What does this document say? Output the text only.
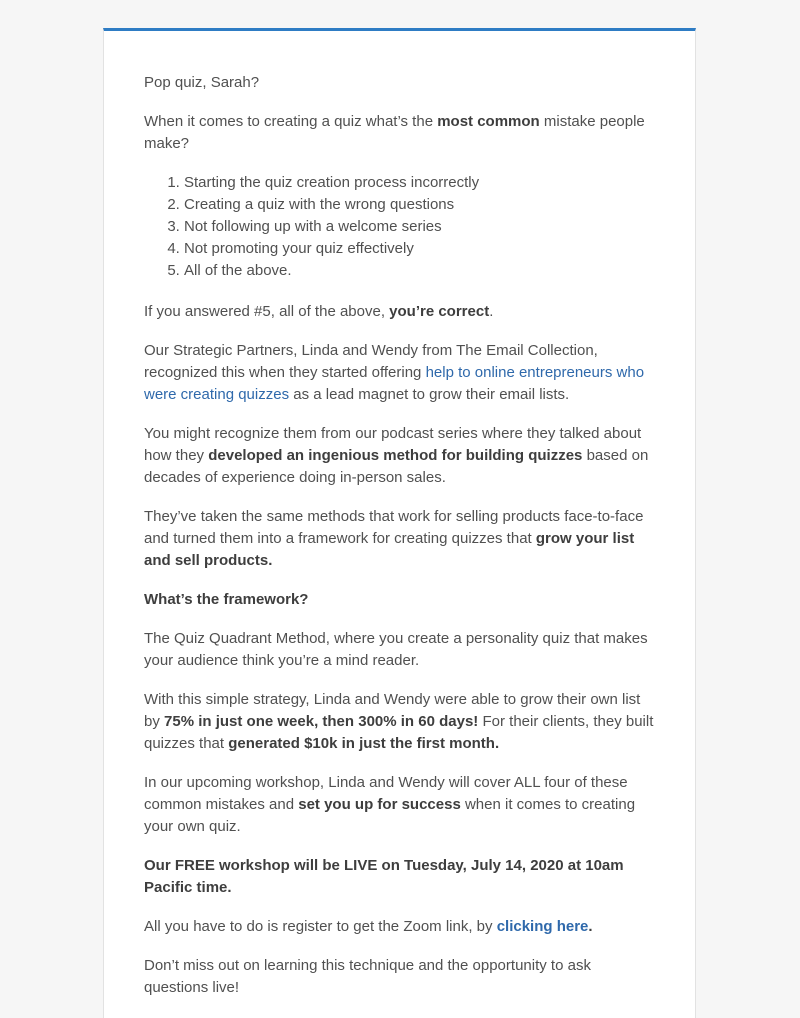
Pop quiz, Sarah?

When it comes to creating a quiz what’s the most common mistake people make?

1. Starting the quiz creation process incorrectly
2. Creating a quiz with the wrong questions
3. Not following up with a welcome series
4. Not promoting your quiz effectively
5. All of the above.

If you answered #5, all of the above, you’re correct.

Our Strategic Partners, Linda and Wendy from The Email Collection, recognized this when they started offering help to online entrepreneurs who were creating quizzes as a lead magnet to grow their email lists.

You might recognize them from our podcast series where they talked about how they developed an ingenious method for building quizzes based on decades of experience doing in-person sales.

They’ve taken the same methods that work for selling products face-to-face and turned them into a framework for creating quizzes that grow your list and sell products.

What’s the framework?

The Quiz Quadrant Method, where you create a personality quiz that makes your audience think you’re a mind reader.

With this simple strategy, Linda and Wendy were able to grow their own list by 75% in just one week, then 300% in 60 days! For their clients, they built quizzes that generated $10k in just the first month.

In our upcoming workshop, Linda and Wendy will cover ALL four of these common mistakes and set you up for success when it comes to creating your own quiz.

Our FREE workshop will be LIVE on Tuesday, July 14, 2020 at 10am Pacific time.

All you have to do is register to get the Zoom link, by clicking here.

Don’t miss out on learning this technique and the opportunity to ask questions live!
